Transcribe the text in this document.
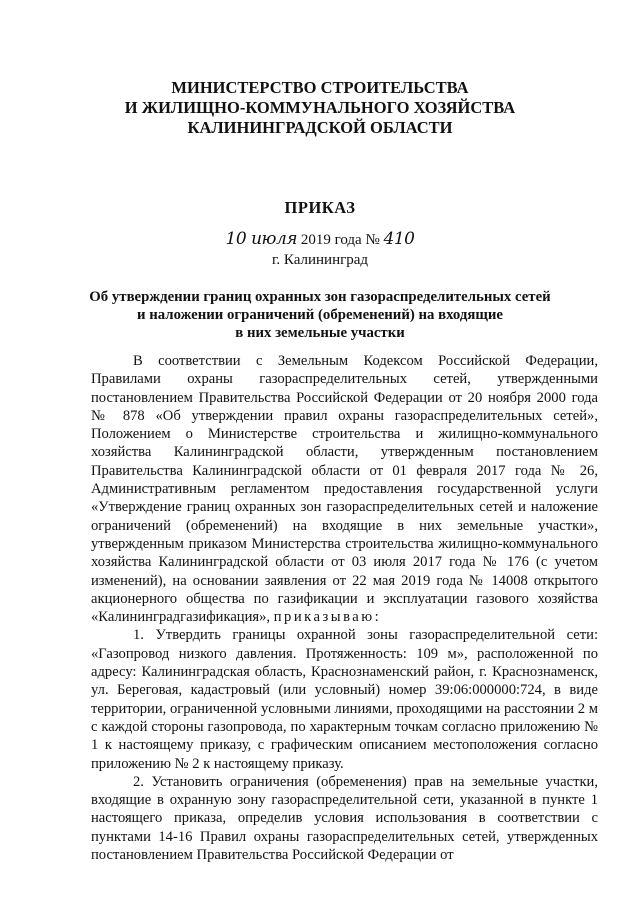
МИНИСТЕРСТВО СТРОИТЕЛЬСТВА
И ЖИЛИЩНО-КОММУНАЛЬНОГО ХОЗЯЙСТВА
КАЛИНИНГРАДСКОЙ ОБЛАСТИ
ПРИКАЗ
10 июля 2019 года № 410
г. Калининград
Об утверждении границ охранных зон газораспределительных сетей
и наложении ограничений (обременений) на входящие
в них земельные участки

В соответствии с Земельным Кодексом Российской Федерации, Правилами охраны газораспределительных сетей, утвержденными постановлением Правительства Российской Федерации от 20 ноября 2000 года № 878 «Об утверждении правил охраны газораспределительных сетей», Положением о Министерстве строительства и жилищно-коммунального хозяйства Калининградской области, утвержденным постановлением Правительства Калининградской области от 01 февраля 2017 года № 26, Административным регламентом предоставления государственной услуги «Утверждение границ охранных зон газораспределительных сетей и наложение ограничений (обременений) на входящие в них земельные участки», утвержденным приказом Министерства строительства жилищно-коммунального хозяйства Калининградской области от 03 июля 2017 года № 176 (с учетом изменений), на основании заявления от 22 мая 2019 года № 14008 открытого акционерного общества по газификации и эксплуатации газового хозяйства «Калининградгазификация», приказываю:

1. Утвердить границы охранной зоны газораспределительной сети: «Газопровод низкого давления. Протяженность: 109 м», расположенной по адресу: Калининградская область, Краснознаменский район, г. Краснознаменск, ул. Береговая, кадастровый (или условный) номер 39:06:000000:724, в виде территории, ограниченной условными линиями, проходящими на расстоянии 2 м с каждой стороны газопровода, по характерным точкам согласно приложению № 1 к настоящему приказу, с графическим описанием местоположения согласно приложению № 2 к настоящему приказу.

2. Установить ограничения (обременения) прав на земельные участки, входящие в охранную зону газораспределительной сети, указанной в пункте 1 настоящего приказа, определив условия использования в соответствии с пунктами 14-16 Правил охраны газораспределительных сетей, утвержденных постановлением Правительства Российской Федерации от
